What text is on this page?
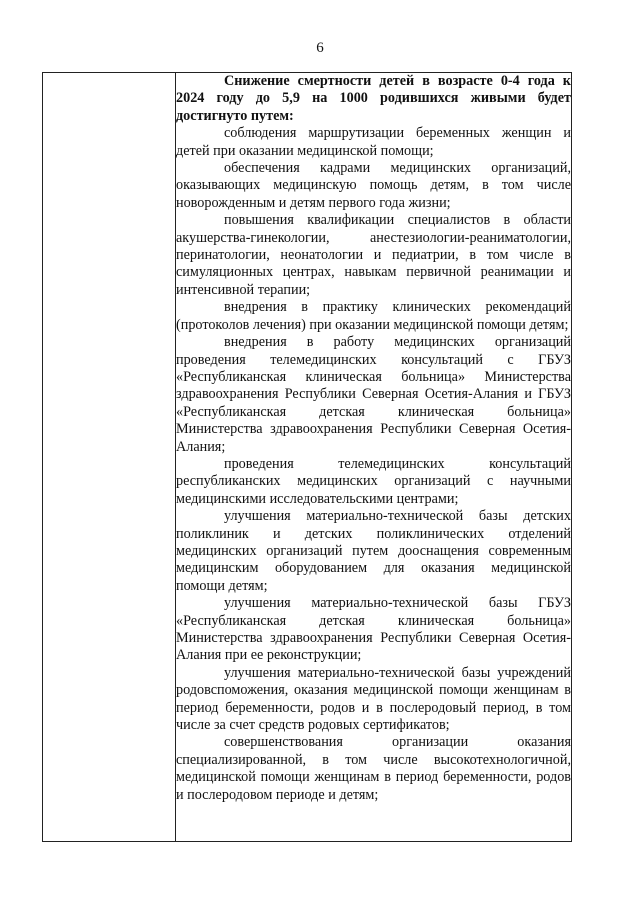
6

Снижение смертности детей в возрасте 0-4 года к 2024 году до 5,9 на 1000 родившихся живыми будет достигнуто путем:

соблюдения маршрутизации беременных женщин и детей при оказании медицинской помощи;

обеспечения кадрами медицинских организаций, оказывающих медицинскую помощь детям, в том числе новорожденным и детям первого года жизни;

повышения квалификации специалистов в области акушерства-гинекологии, анестезиологии-реаниматологии, перинатологии, неонатологии и педиатрии, в том числе в симуляционных центрах, навыкам первичной реанимации и интенсивной терапии;

внедрения в практику клинических рекомендаций (протоколов лечения) при оказании медицинской помощи детям;

внедрения в работу медицинских организаций проведения телемедицинских консультаций с ГБУЗ «Республиканская клиническая больница» Министерства здравоохранения Республики Северная Осетия-Алания и ГБУЗ «Республиканская детская клиническая больница» Министерства здравоохранения Республики Северная Осетия-Алания;

проведения телемедицинских консультаций республиканских медицинских организаций с научными медицинскими исследовательскими центрами;

улучшения материально-технической базы детских поликлиник и детских поликлинических отделений медицинских организаций путем дооснащения современным медицинским оборудованием для оказания медицинской помощи детям;

улучшения материально-технической базы ГБУЗ «Республиканская детская клиническая больница» Министерства здравоохранения Республики Северная Осетия-Алания при ее реконструкции;

улучшения материально-технической базы учреждений родовспоможения, оказания медицинской помощи женщинам в период беременности, родов и в послеродовый период, в том числе за счет средств родовых сертификатов;

совершенствования организации оказания специализированной, в том числе высокотехнологичной, медицинской помощи женщинам в период беременности, родов и послеродовом периоде и детям;
